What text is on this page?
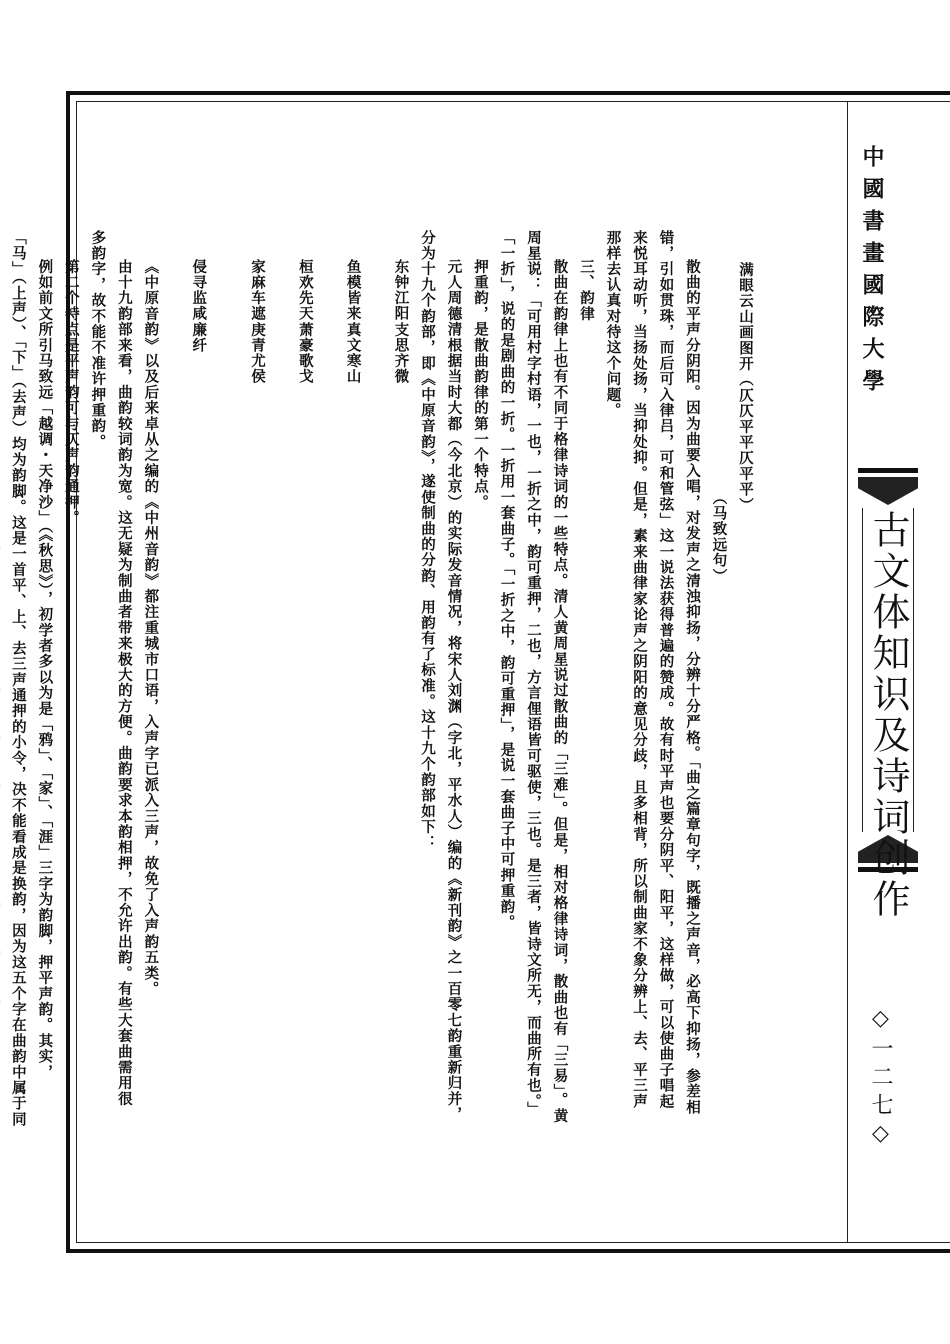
中國書畫國際大學
古文体知识及诗词创作
◇一二七◇
满眼云山画图开（仄仄平平仄平平）
（马致远句）
散曲的平声分阴阳。因为曲要入唱，对发声之清浊抑扬，分辨十分严格。「曲之篇章句字，既播之声音，必高下抑扬，参差相
错，引如贯珠，而后可入律吕，可和管弦」这一说法获得普遍的赞成。故有时平声也要分阴平、阳平，这样做，可以使曲子唱起
来悦耳动听，当扬处扬，当抑处抑。但是，素来曲律家论声之阴阳的意见分歧，且多相背，所以制曲家不象分辨上、去、平三声
那样去认真对待这个问题。
三、韵律
散曲在韵律上也有不同于格律诗词的一些特点。清人黄周星说过散曲的「三难」。但是，相对格律诗词，散曲也有「三易」。黄
周星说：「可用村字村语，一也，一折之中，韵可重押，二也，方言俚语皆可驱使，三也。是三者，皆诗文所无，而曲所有也。」
「一折」，说的是剧曲的一折。一折用一套曲子。「一折之中，韵可重押」，是说一套曲子中可押重韵。
押重韵，是散曲韵律的第一个特点。
元人周德清根据当时大都（今北京）的实际发音情况，将宋人刘渊（字北，平水人）编的《新刊韵》之一百零七韵重新归并，
分为十九个韵部，即《中原音韵》，遂使制曲的分韵、用韵有了标准。这十九个韵部如下：
东钟江阳支思齐微
鱼模皆来真文寒山
桓欢先天萧豪歌戈
家麻车遮庚青尤侯
侵寻监咸廉纤
《中原音韵》以及后来卓从之编的《中州音韵》都注重城市口语，入声字已派入三声，故免了入声韵五类。
由十九韵部来看，曲韵较词韵为宽。这无疑为制曲者带来极大的方便。曲韵要求本韵相押，不允许出韵。有些大套曲需用很
多韵字，故不能不准许押重韵。
第二个特点是平声韵可与仄声韵通押。
例如前文所引马致远「越调・天净沙」（《秋思》），初学者多以为是「鸦」、「家」、「涯」三字为韵脚，押平声韵。其实，
「马」（上声）、「下」（去声）均为韵脚。这是一首平、上、去三声通押的小令，决不能看成是换韵，因为这五个字在曲韵中属于同
